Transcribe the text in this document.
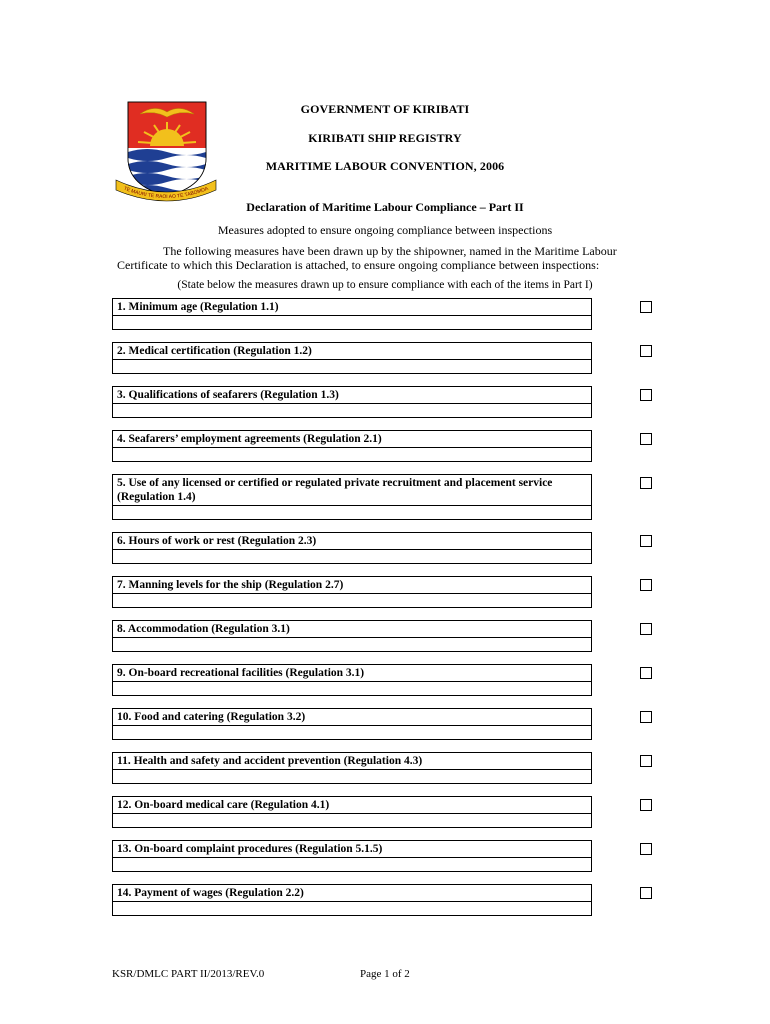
TE MAURI TE RAOI AO TE TABOMOA
GOVERNMENT OF KIRIBATI
KIRIBATI SHIP REGISTRY
MARITIME LABOUR CONVENTION, 2006
Declaration of Maritime Labour Compliance – Part II
Measures adopted to ensure ongoing compliance between inspections
The following measures have been drawn up by the shipowner, named in the Maritime Labour Certificate to which this Declaration is attached, to ensure ongoing compliance between inspections:
(State below the measures drawn up to ensure compliance with each of the items in Part I)
1. Minimum age (Regulation 1.1)
2. Medical certification (Regulation 1.2)
3. Qualifications of seafarers (Regulation 1.3)
4. Seafarers’ employment agreements (Regulation 2.1)
5. Use of any licensed or certified or regulated private recruitment and placement service (Regulation 1.4)
6. Hours of work or rest (Regulation 2.3)
7. Manning levels for the ship (Regulation 2.7)
8. Accommodation (Regulation 3.1)
9. On-board recreational facilities (Regulation 3.1)
10. Food and catering (Regulation 3.2)
11. Health and safety and accident prevention (Regulation 4.3)
12. On-board medical care (Regulation 4.1)
13. On-board complaint procedures (Regulation 5.1.5)
14. Payment of wages (Regulation 2.2)
KSR/DMLC PART II/2013/REV.0	Page 1 of 2
